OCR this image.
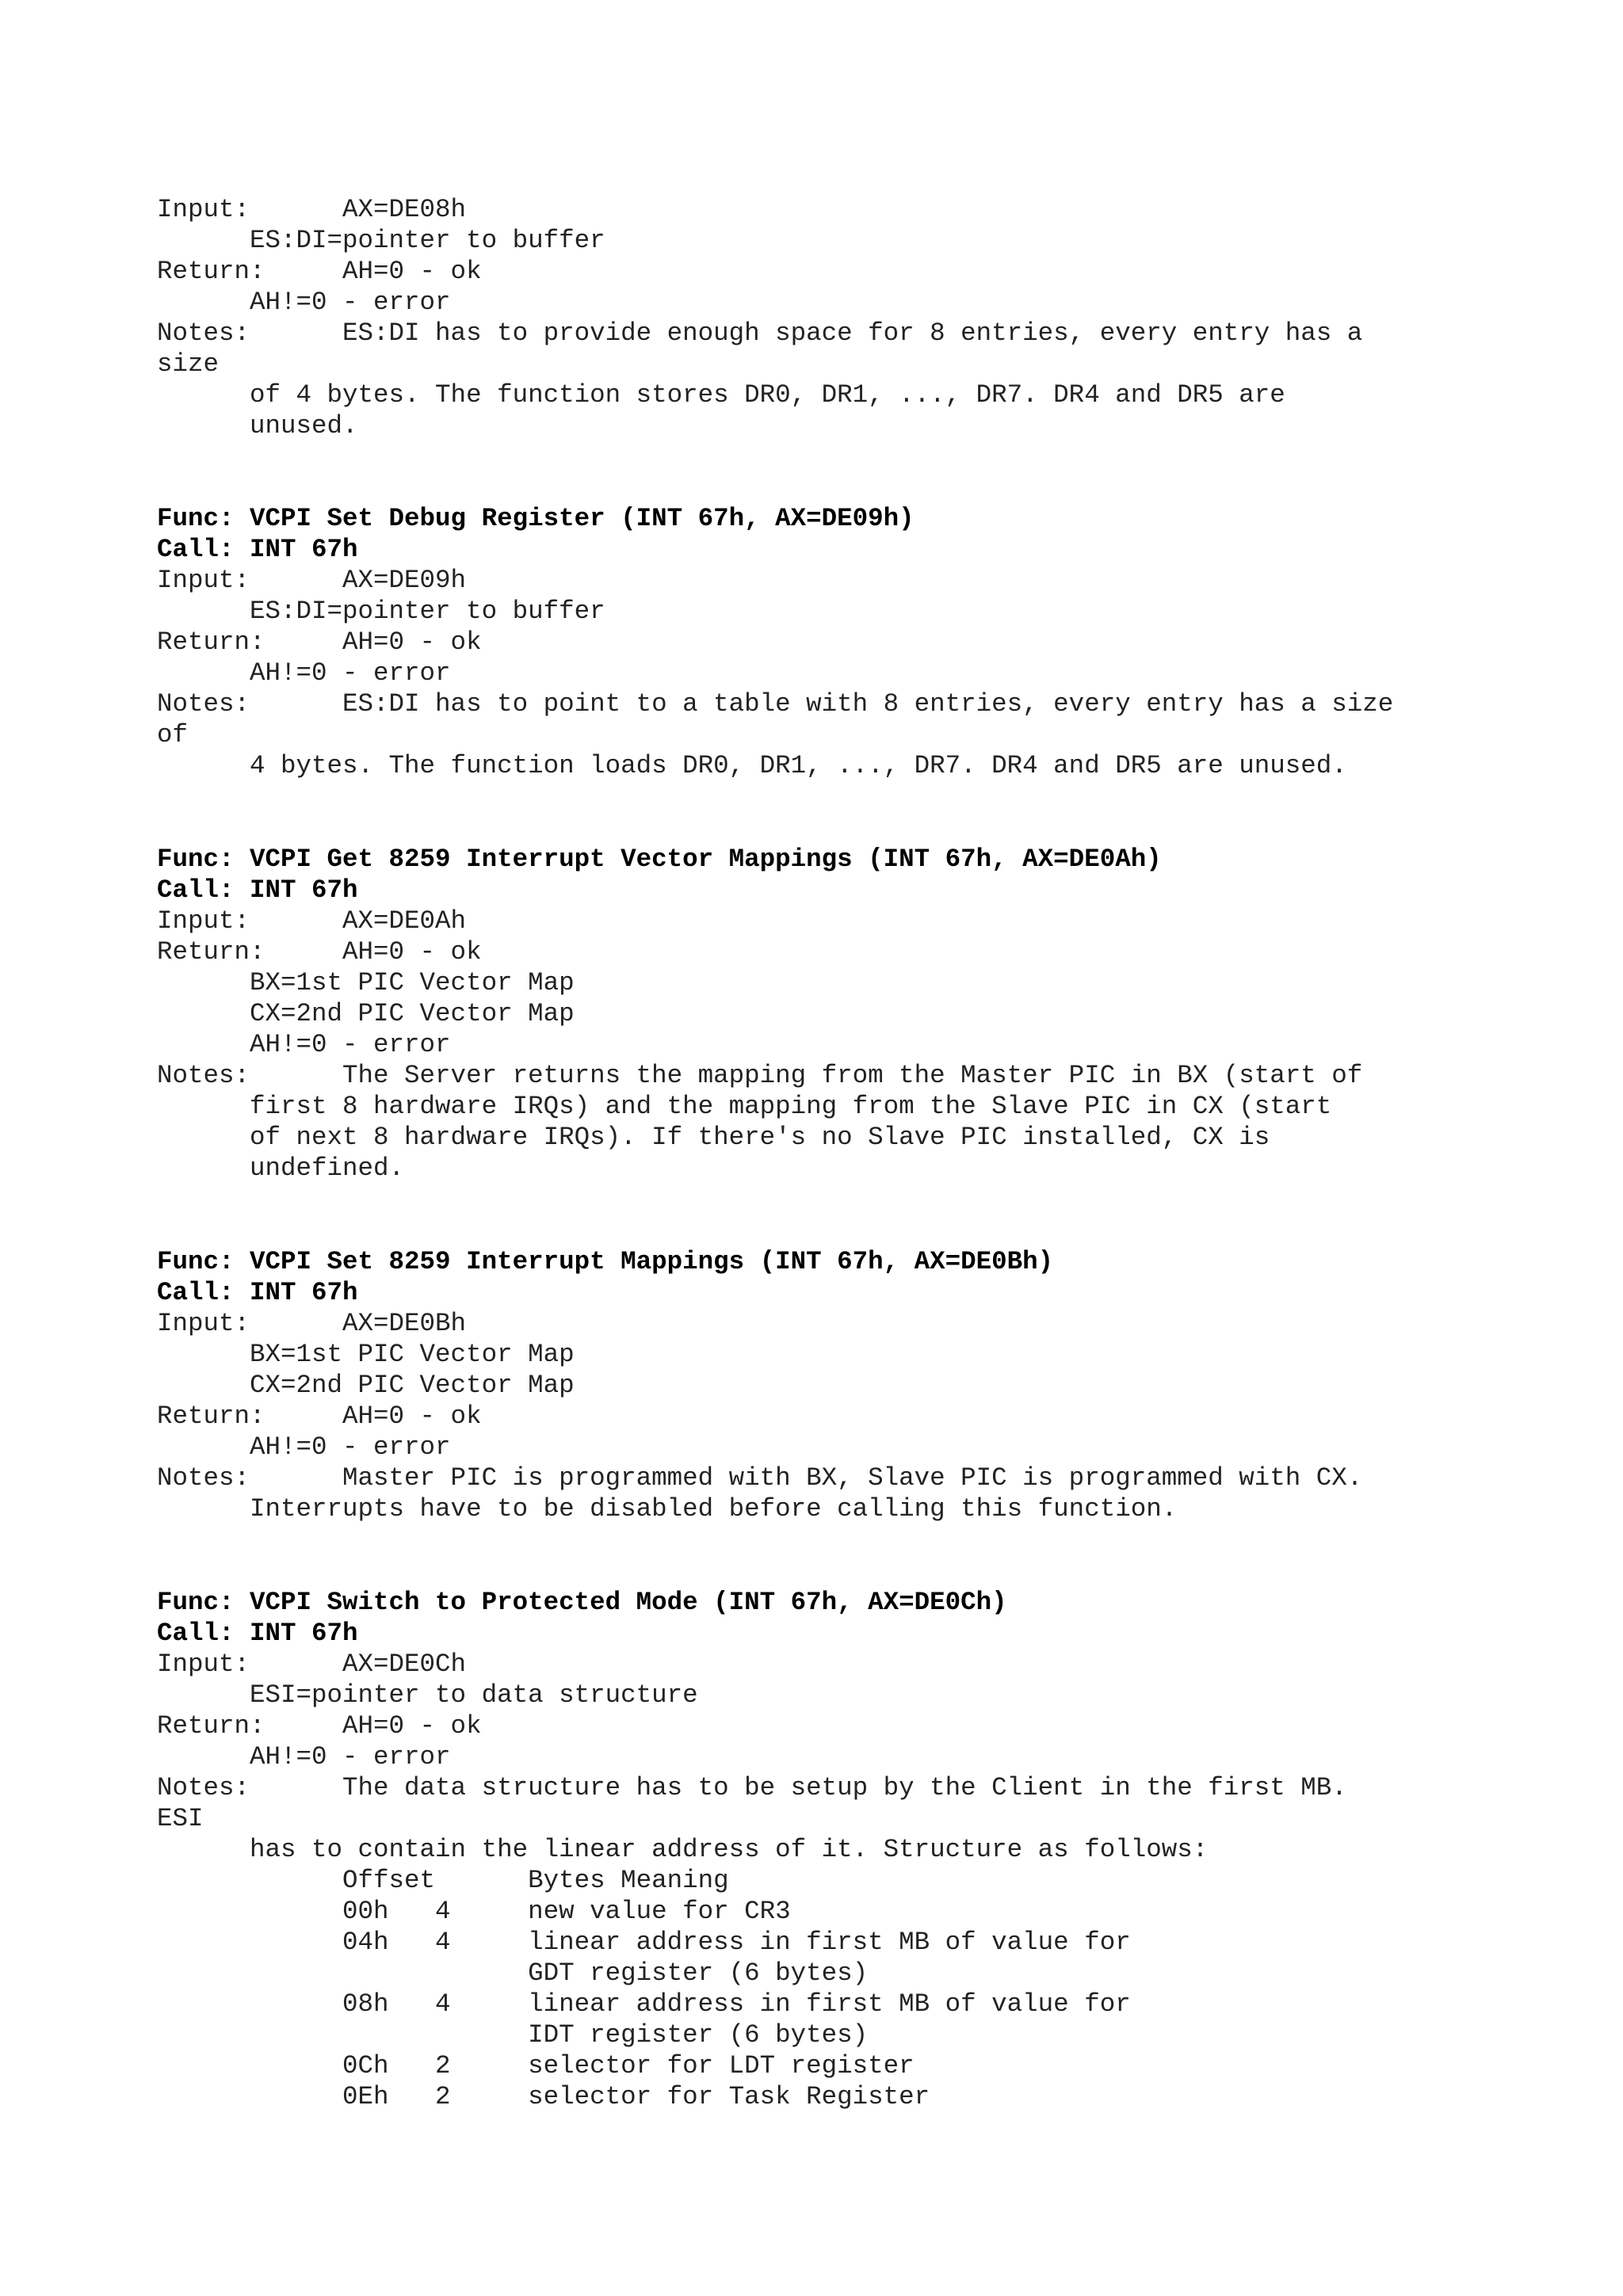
Input:      AX=DE08h
ES:DI=pointer to buffer
Return:     AH=0 - ok
AH!=0 - error
Notes:      ES:DI has to provide enough space for 8 entries, every entry has a
size
of 4 bytes. The function stores DR0, DR1, ..., DR7. DR4 and DR5 are
unused.
Func: VCPI Set Debug Register (INT 67h, AX=DE09h)
Call: INT 67h
Input:      AX=DE09h
ES:DI=pointer to buffer
Return:     AH=0 - ok
AH!=0 - error
Notes:      ES:DI has to point to a table with 8 entries, every entry has a size
of
4 bytes. The function loads DR0, DR1, ..., DR7. DR4 and DR5 are unused.
Func: VCPI Get 8259 Interrupt Vector Mappings (INT 67h, AX=DE0Ah)
Call: INT 67h
Input:      AX=DE0Ah
Return:     AH=0 - ok
BX=1st PIC Vector Map
CX=2nd PIC Vector Map
AH!=0 - error
Notes:      The Server returns the mapping from the Master PIC in BX (start of
first 8 hardware IRQs) and the mapping from the Slave PIC in CX (start
of next 8 hardware IRQs). If there's no Slave PIC installed, CX is
undefined.
Func: VCPI Set 8259 Interrupt Mappings (INT 67h, AX=DE0Bh)
Call: INT 67h
Input:      AX=DE0Bh
BX=1st PIC Vector Map
CX=2nd PIC Vector Map
Return:     AH=0 - ok
AH!=0 - error
Notes:      Master PIC is programmed with BX, Slave PIC is programmed with CX.
Interrupts have to be disabled before calling this function.
Func: VCPI Switch to Protected Mode (INT 67h, AX=DE0Ch)
Call: INT 67h
Input:      AX=DE0Ch
ESI=pointer to data structure
Return:     AH=0 - ok
AH!=0 - error
Notes:      The data structure has to be setup by the Client in the first MB.
ESI
has to contain the linear address of it. Structure as follows:
Offset      Bytes Meaning
00h   4     new value for CR3
04h   4     linear address in first MB of value for
GDT register (6 bytes)
08h   4     linear address in first MB of value for
IDT register (6 bytes)
0Ch   2     selector for LDT register
0Eh   2     selector for Task Register
